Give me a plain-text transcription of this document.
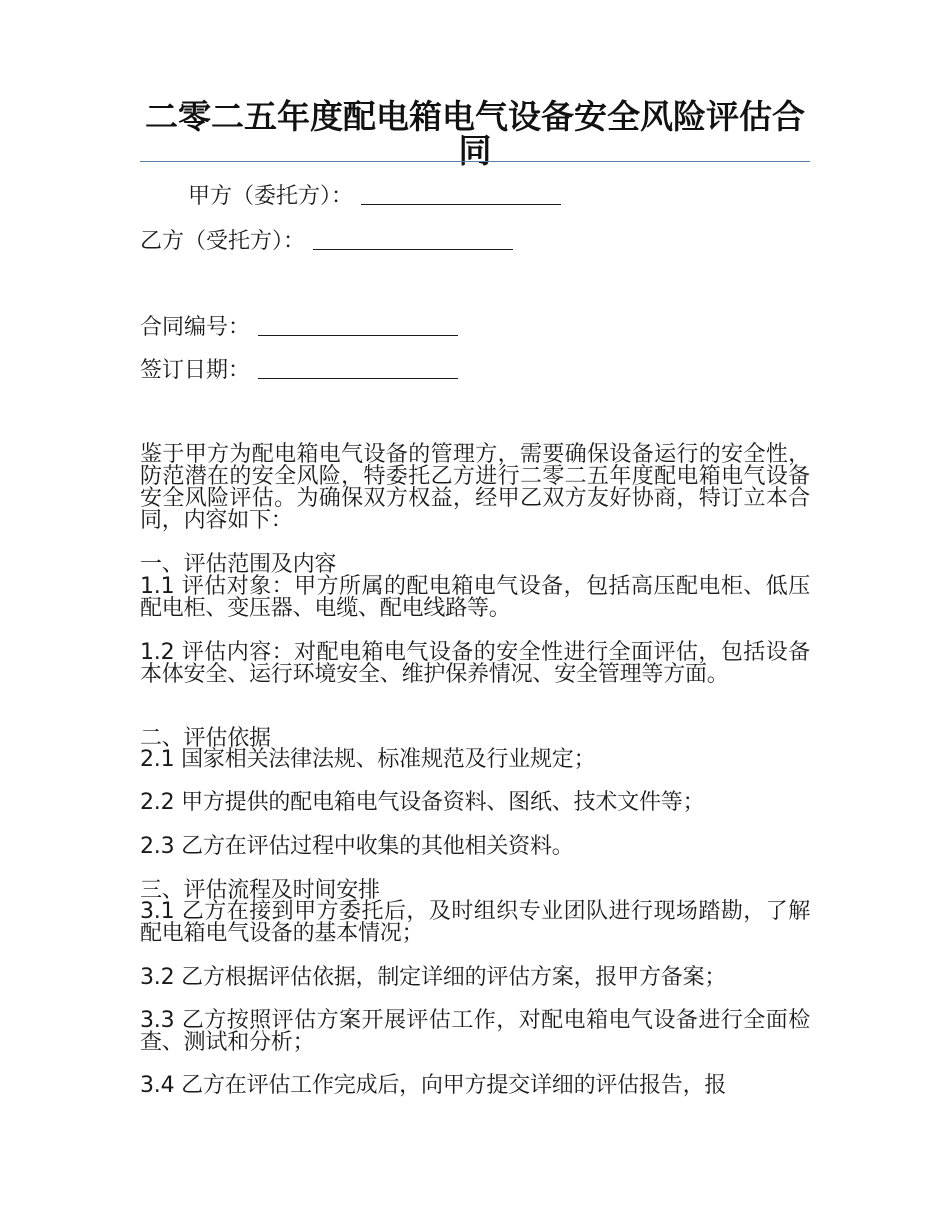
二零二五年度配电箱电气设备安全风险评估合同
甲方（委托方）：
乙方（受托方）：
合同编号：
签订日期：
鉴于甲方为配电箱电气设备的管理方，需要确保设备运行的安全性，防范潜在的安全风险，特委托乙方进行二零二五年度配电箱电气设备安全风险评估。为确保双方权益，经甲乙双方友好协商，特订立本合同，内容如下：
一、评估范围及内容
1.1 评估对象：甲方所属的配电箱电气设备，包括高压配电柜、低压配电柜、变压器、电缆、配电线路等。
1.2 评估内容：对配电箱电气设备的安全性进行全面评估，包括设备本体安全、运行环境安全、维护保养情况、安全管理等方面。
二、评估依据
2.1 国家相关法律法规、标准规范及行业规定；
2.2 甲方提供的配电箱电气设备资料、图纸、技术文件等；
2.3 乙方在评估过程中收集的其他相关资料。
三、评估流程及时间安排
3.1 乙方在接到甲方委托后，及时组织专业团队进行现场踏勘，了解配电箱电气设备的基本情况；
3.2 乙方根据评估依据，制定详细的评估方案，报甲方备案；
3.3 乙方按照评估方案开展评估工作，对配电箱电气设备进行全面检查、测试和分析；
3.4 乙方在评估工作完成后，向甲方提交详细的评估报告，报
